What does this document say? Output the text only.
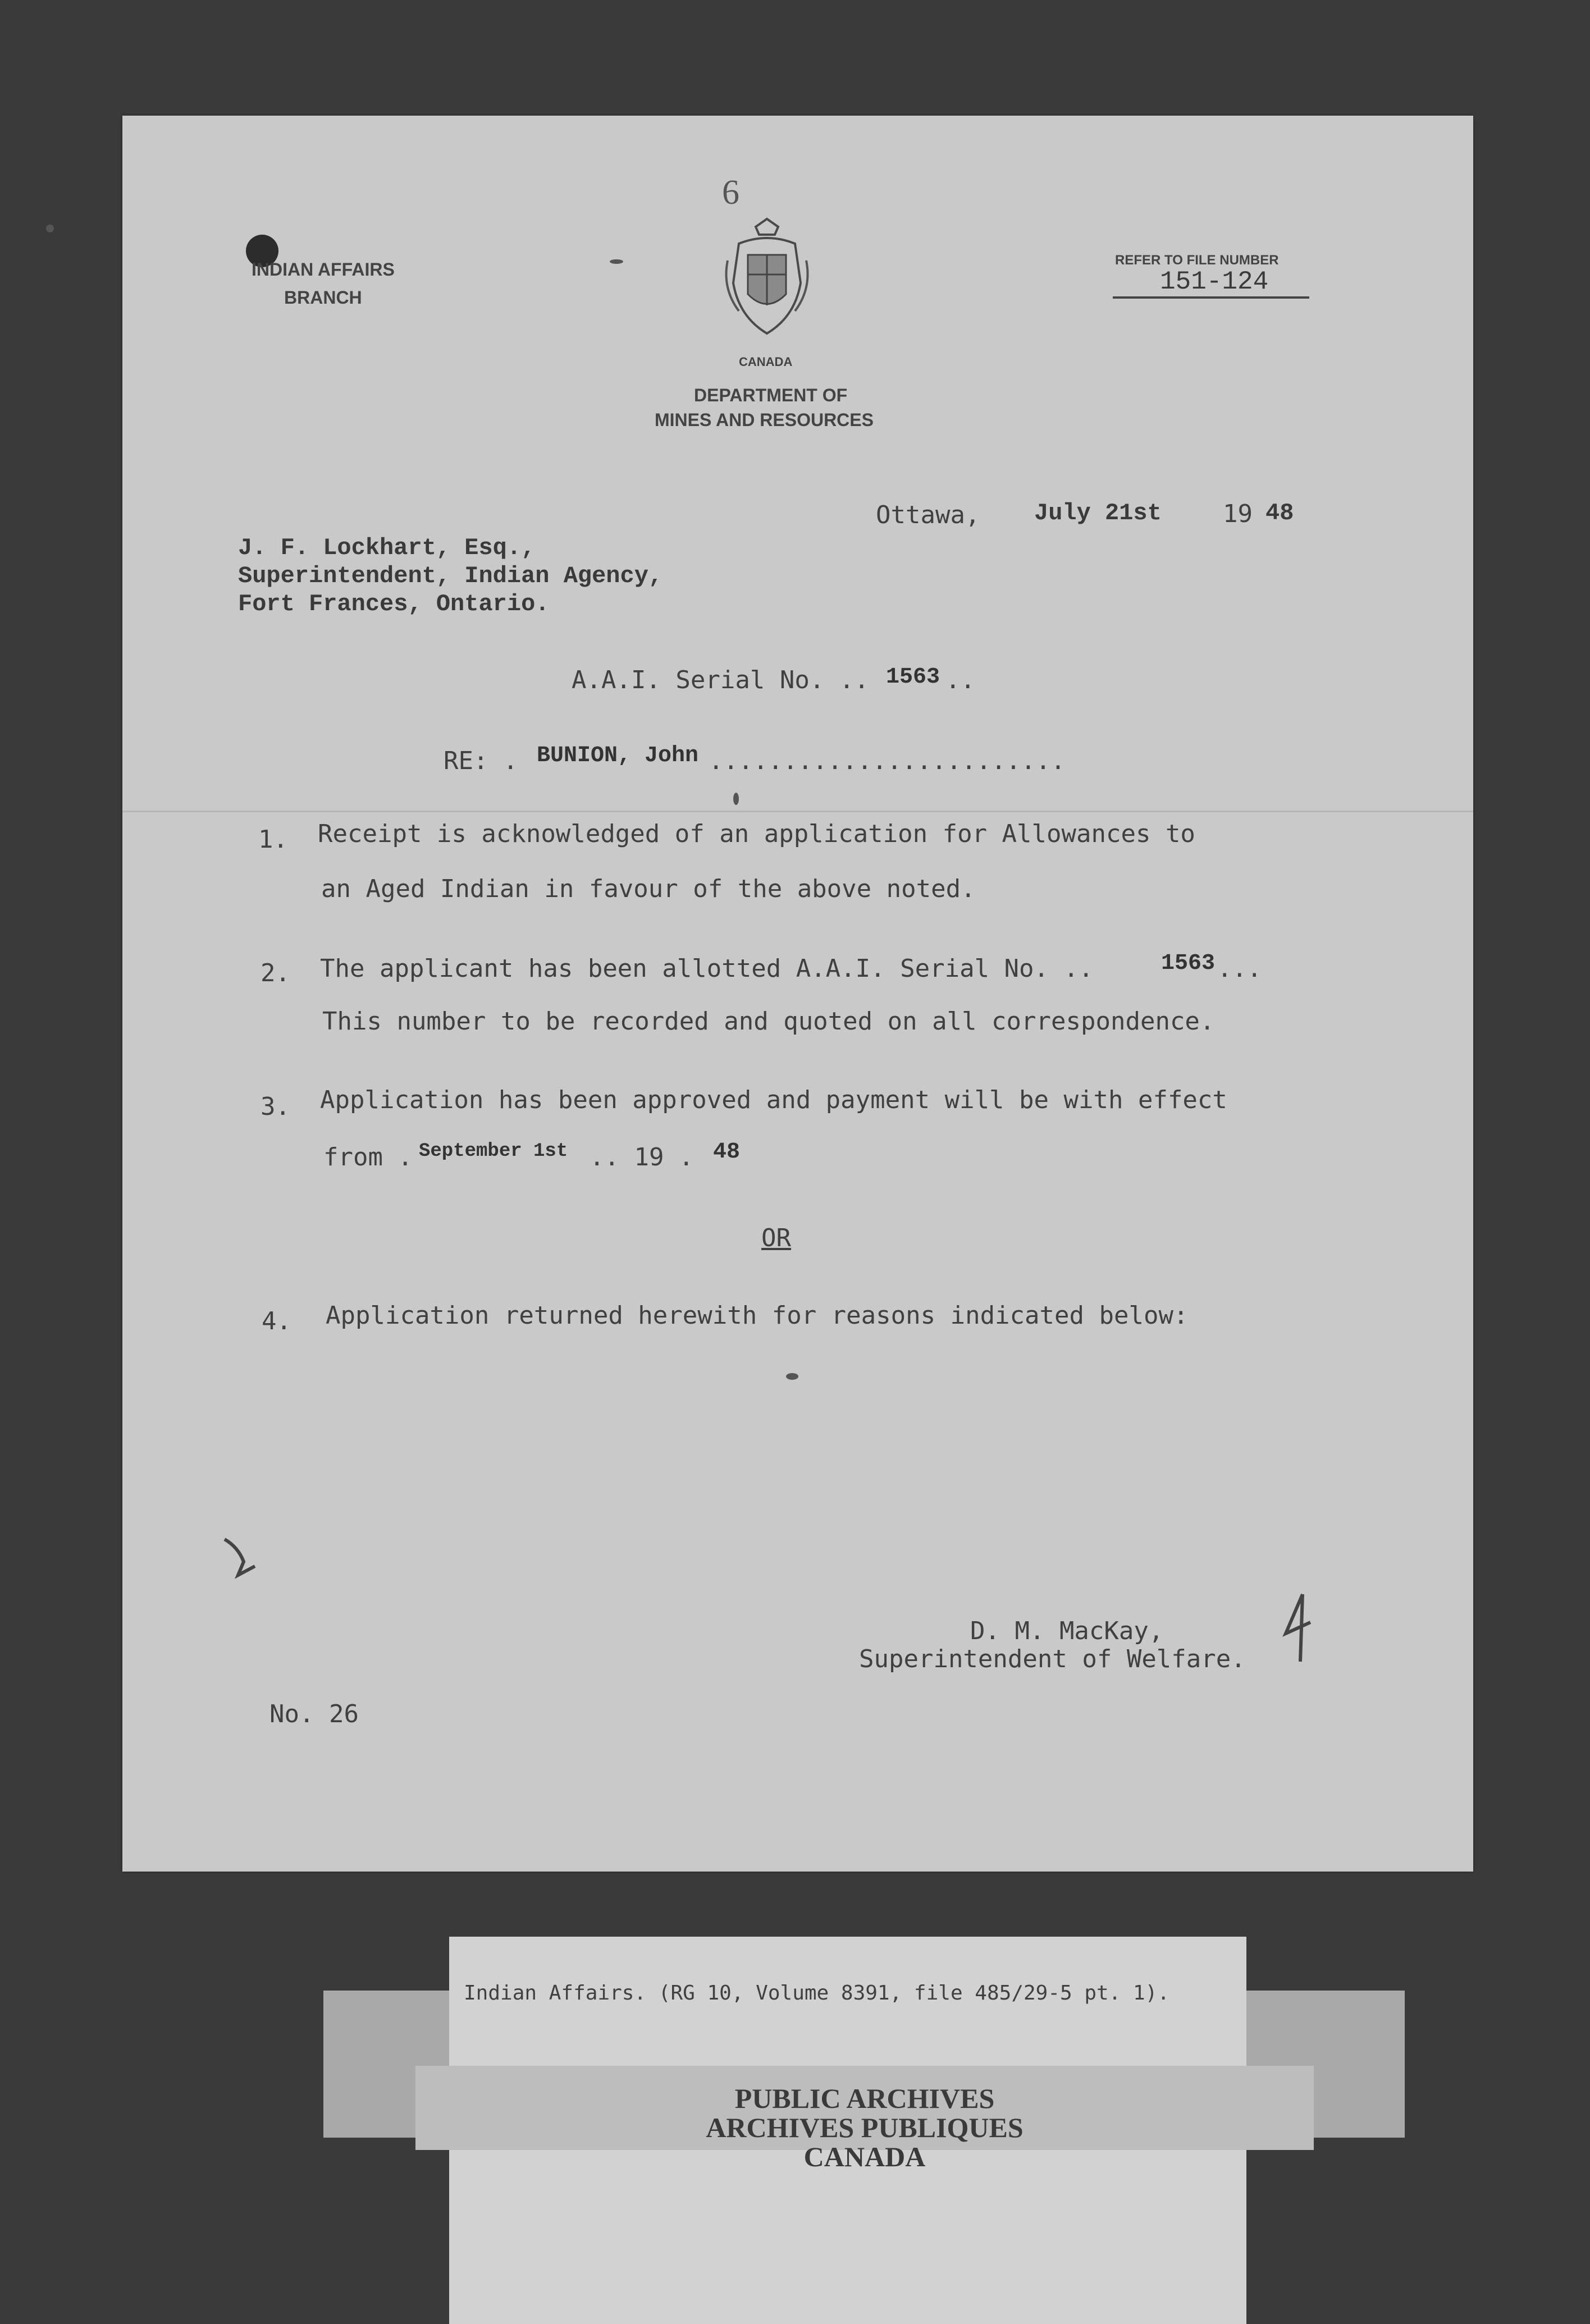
6
INDIAN AFFAIRS
BRANCH
CANADA
DEPARTMENT OF
MINES AND RESOURCES
REFER TO FILE NUMBER
151-124
Ottawa, July 21st 19 48
J. F. Lockhart, Esq.,
Superintendent, Indian Agency,
Fort Frances, Ontario.
A.A.I. Serial No. .. 1563 ..
RE: . BUNION, John ........................
1. Receipt is acknowledged of an application for Allowances to
an Aged Indian in favour of the above noted.
2. The applicant has been allotted A.A.I. Serial No. ..	1563 ...
This number to be recorded and quoted on all correspondence.
3. Application has been approved and payment will be with effect
from . September 1st .. 19 . 48
OR
4. Application returned herewith for reasons indicated below:
D. M. MacKay,
Superintendent of Welfare.
No. 26
Indian Affairs. (RG 10, Volume 8391, file 485/29-5 pt. 1).
PUBLIC ARCHIVES
ARCHIVES PUBLIQUES
CANADA
